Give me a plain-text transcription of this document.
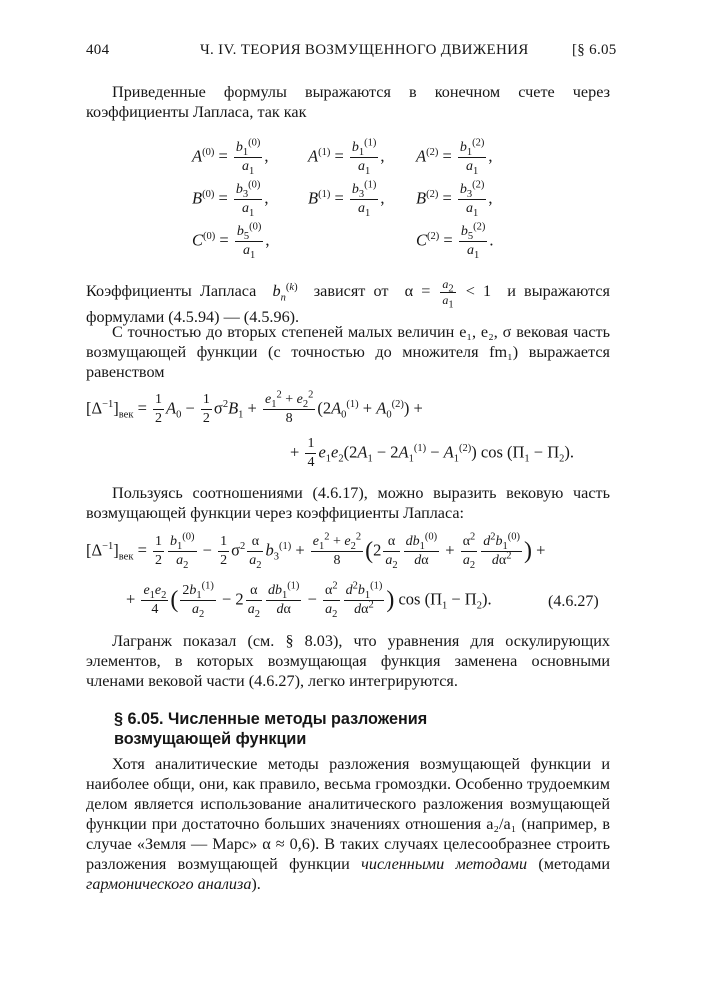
404	Ч. IV. ТЕОРИЯ ВОЗМУЩЕННОГО ДВИЖЕНИЯ	[§ 6.05

Приведенные формулы выражаются в конечном счете через коэффициенты Лапласа, так как

$A^{(0)} = \frac{b_1^{(0)}}{a_1}$ , $A^{(1)} = \frac{b_1^{(1)}}{a_1}$ , $A^{(2)} = \frac{b_1^{(2)}}{a_1}$ ,
$B^{(0)} = \frac{b_3^{(0)}}{a_1}$ , $B^{(1)} = \frac{b_3^{(1)}}{a_1}$ , $B^{(2)} = \frac{b_3^{(2)}}{a_1}$ ,
$C^{(0)} = \frac{b_5^{(0)}}{a_1}$ ,	$C^{(2)} = \frac{b_5^{(2)}}{a_1}$ .

Коэффициенты Лапласа $b_n^{(k)}$ зависят от  $\alpha = \frac{a_2}{a_1} < 1$  и выражаются формулами (4.5.94) — (4.5.96).

С точностью до вторых степеней малых величин e₁, e₂, σ вековая часть возмущающей функции (с точностью до множителя fm₁) выражается равенством

$[\Delta^{-1}]_{век} = \frac{1}{2} A_0 - \frac{1}{2} \sigma^2B_1 + \frac{e_1^2 + e_2^2}{8} (2A_0^{(1)} + A_0^{(2)})$ +
+ $\frac{1}{4} e_1e_2(2A_1 - 2A_1^{(1)} - A_1^{(2)})$ $\cos (\Pi_1 - \Pi_2)$.

Пользуясь соотношениями (4.6.17), можно выразить вековую часть возмущающей функции через коэффициенты Лапласа:

$[\Delta^{-1}]_{век} = \frac{1}{2} \frac{b_1^{(0)}}{a_2} - \frac{1}{2} \sigma^2 \frac{\alpha}{a_2} b_3^{(1)} + \frac{e_1^2 + e_2^2}{8} (2 \frac{\alpha}{a_2} \frac{db_1^{(0)}}{d\alpha} + \frac{\alpha^2}{a_2} \frac{d^2b_1^{(0)}}{d\alpha^2}$ ) +
+ $\frac{e_1e_2}{4}$ ( $\frac{2b_1^{(1)}}{a_2} - 2 \frac{\alpha}{a_2} \frac{db_1^{(1)}}{d\alpha} - \frac{\alpha^2}{a_2} \frac{d^2b_1^{(1)}}{d\alpha^2}$ ) $\cos (\Pi_1 - \Pi_2)$.	(4.6.27)

Лагранж показал (см. § 8.03), что уравнения для оскулирующих элементов, в которых возмущающая функция заменена основными членами вековой части (4.6.27), легко интегрируются.

§ 6.05. Численные методы разложения
возмущающей функции

Хотя аналитические методы разложения возмущающей функции и наиболее общи, они, как правило, весьма громоздки. Особенно трудоемким делом является использование аналитического разложения возмущающей функции при достаточно больших значениях отношения a₂/a₁ (например, в случае «Земля — Марс» α ≈ 0,6). В таких случаях целесообразнее строить разложения возмущающей функции численными методами (методами гармонического анализа).
